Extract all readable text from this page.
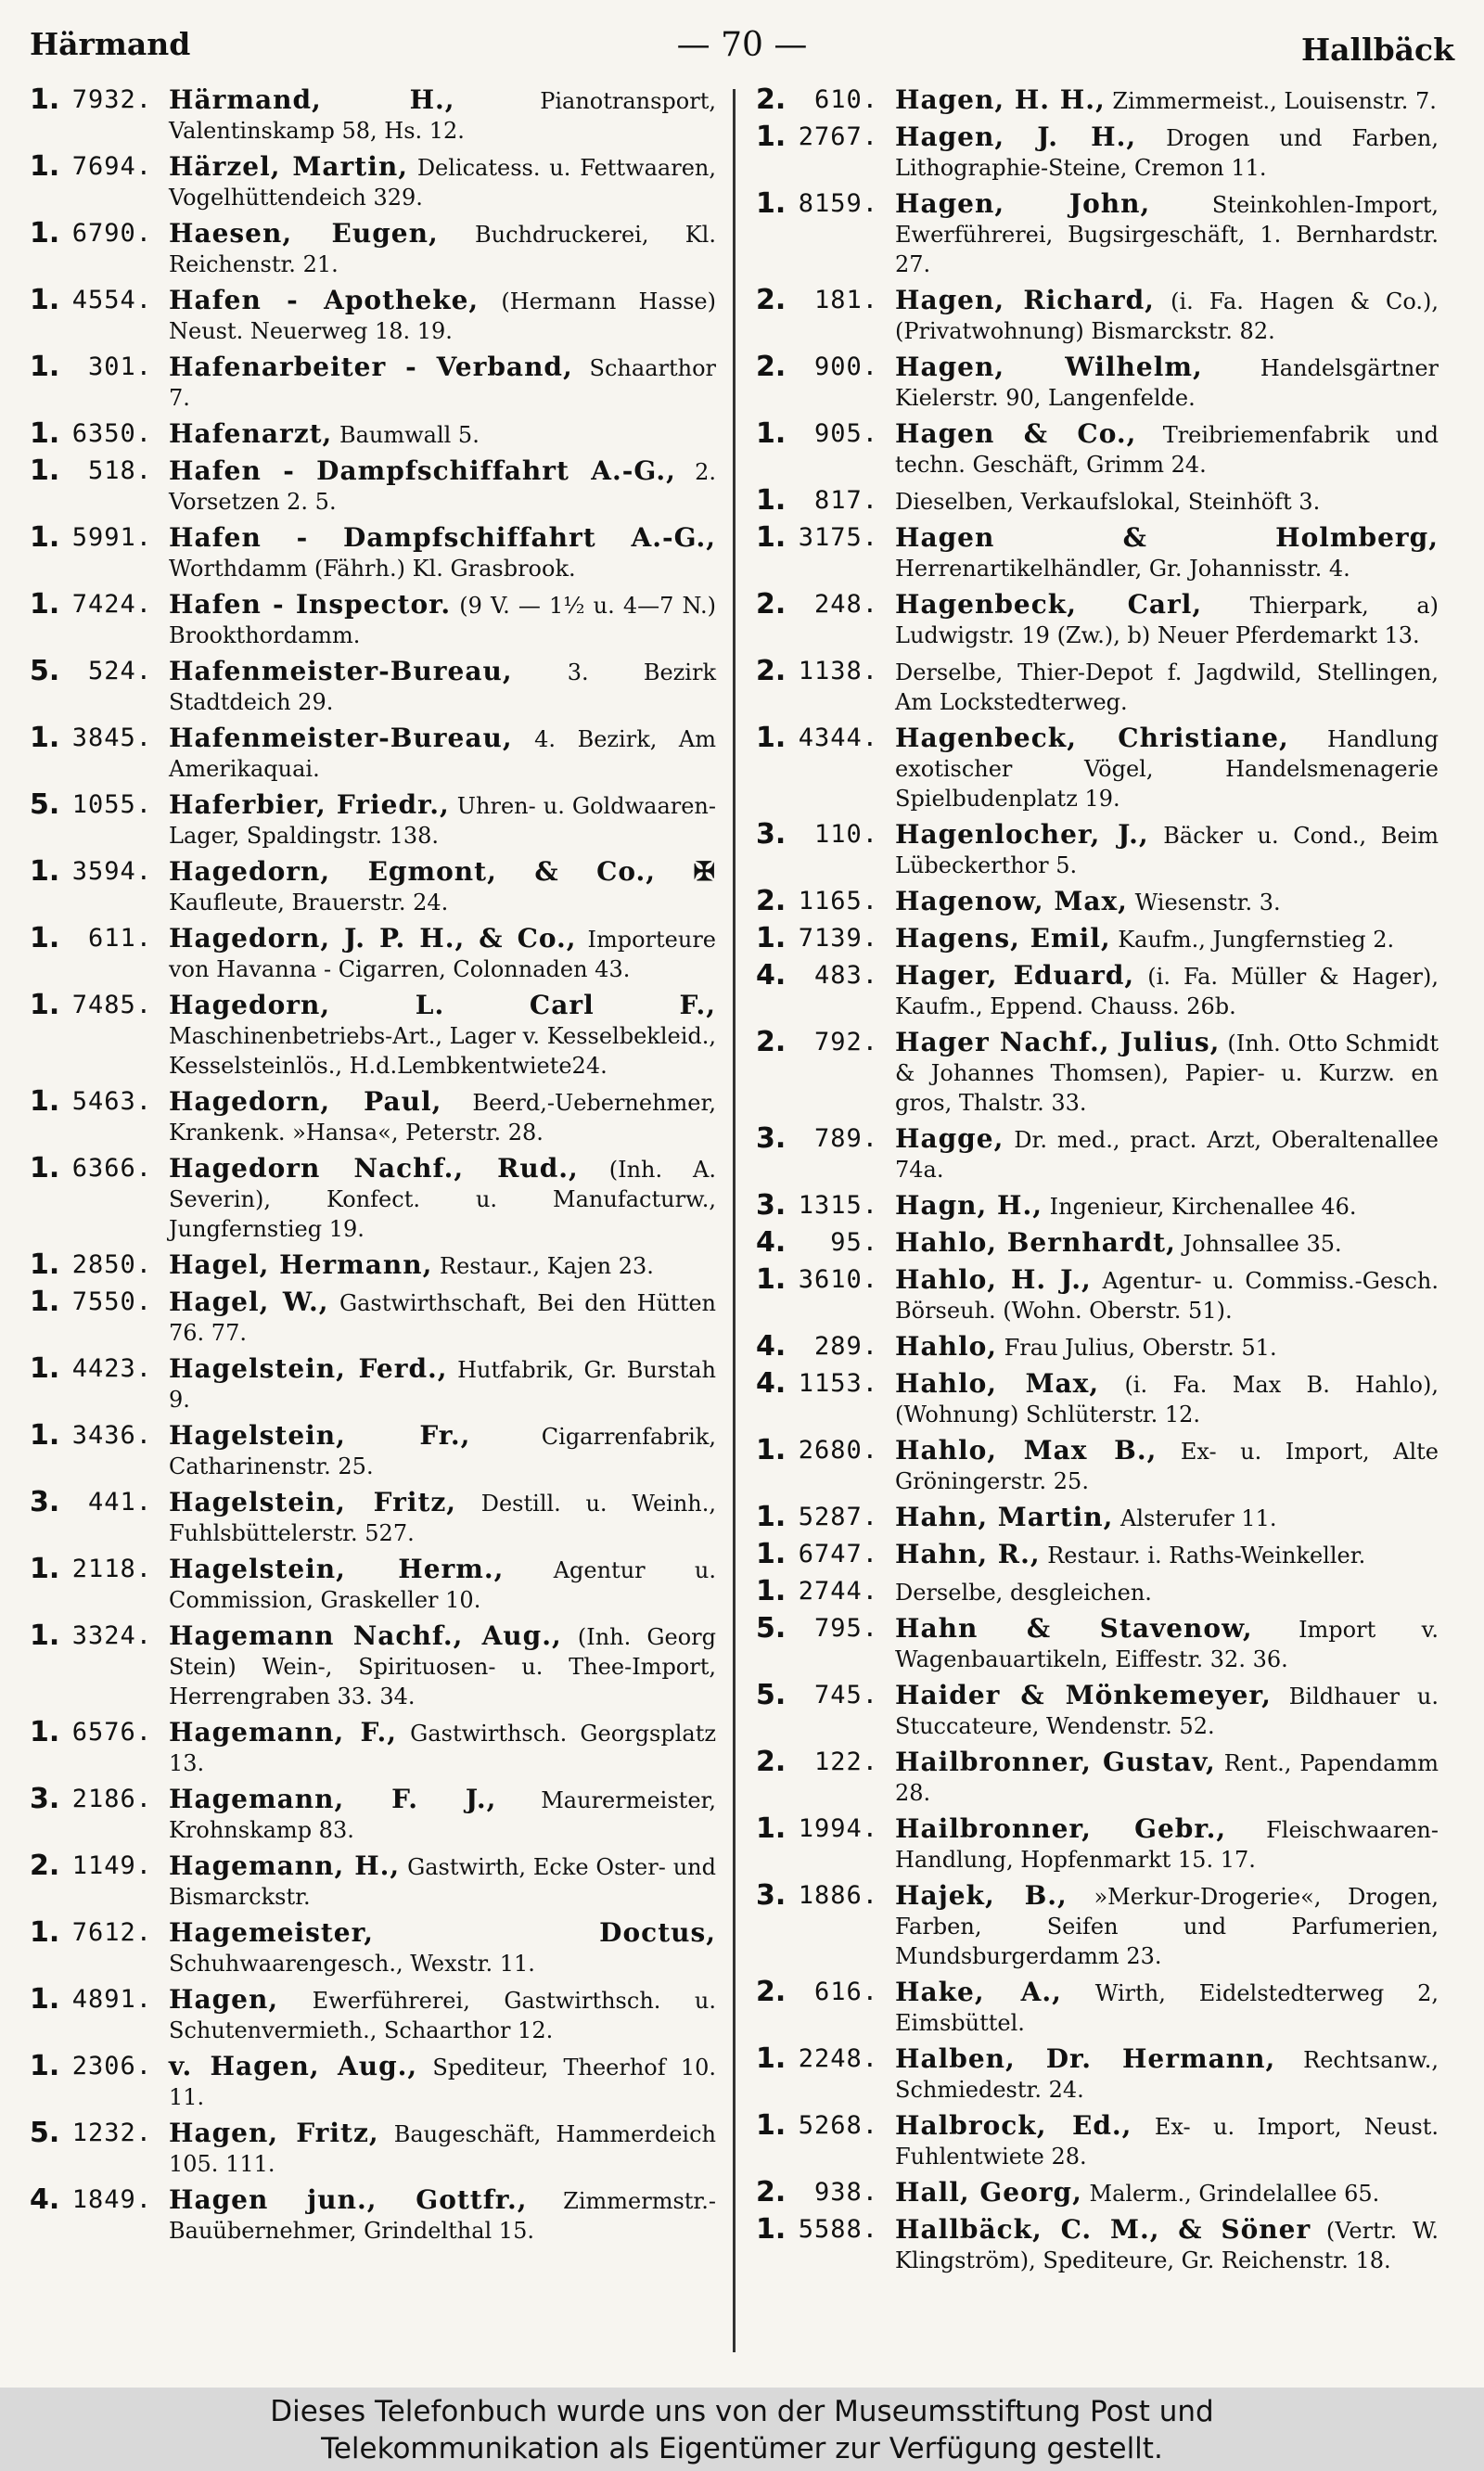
Härmand	— 70 —	Hallbäck
1. 7932. Härmand, H.,	Pianotransport, Valentinskamp 58, Hs. 12.
1. 7694. Härzel, Martin, Delicatess. u. Fettwaaren, Vogelhüttendeich 329.
1. 6790. Haesen, Eugen, Buchdruckerei, Kl. Reichenstr. 21.
1. 4554. Hafen - Apotheke, (Hermann Hasse) Neust. Neuerweg 18. 19.
1.	301. Hafenarbeiter - Verband, Schaarthor 7.
1. 6350. Hafenarzt, Baumwall 5.
1.	518. Hafen - Dampfschiffahrt A.-G., 2. Vorsetzen 2. 5.
1. 5991. Hafen - Dampfschiffahrt A.-G., Worthdamm (Fährh.) Kl. Grasbrook.
1. 7424. Hafen - Inspector. (9 V. — 1½ u. 4—7 N.) Brookthordamm.
5.	524. Hafenmeister-Bureau, 3. Bezirk Stadtdeich 29.
1. 3845. Hafenmeister-Bureau, 4. Bezirk, Am Amerikaquai.
5. 1055. Haferbier, Friedr., Uhren- u. Goldwaaren-Lager, Spaldingstr. 138.
1. 3594. Hagedorn, Egmont, & Co., ✠ Kaufleute, Brauerstr. 24.
1.	611. Hagedorn, J. P. H., & Co., Importeure von Havanna - Cigarren, Colonnaden 43.
1. 7485. Hagedorn, L. Carl F., Maschinenbetriebs-Art., Lager v. Kesselbekleid., Kesselsteinlös., H.d.Lembkentwiete24.
1. 5463. Hagedorn, Paul, Beerd,-Uebernehmer, Krankenk. »Hansa«, Peterstr. 28.
1. 6366. Hagedorn Nachf., Rud., (Inh. A. Severin), Konfect. u. Manufacturw., Jungfernstieg 19.
1. 2850. Hagel, Hermann, Restaur., Kajen 23.
1. 7550. Hagel, W., Gastwirthschaft, Bei den Hütten 76. 77.
1. 4423. Hagelstein, Ferd., Hutfabrik, Gr. Burstah 9.
1. 3436. Hagelstein, Fr.,	Cigarrenfabrik, Catharinenstr. 25.
3.	441. Hagelstein, Fritz, Destill. u. Weinh., Fuhlsbüttelerstr. 527.
1. 2118. Hagelstein, Herm., Agentur u. Commission, Graskeller 10.
1. 3324. Hagemann Nachf., Aug., (Inh. Georg Stein) Wein-, Spirituosen- u. Thee-Import, Herrengraben 33. 34.
1. 6576. Hagemann, F., Gastwirthsch. Georgsplatz 13.
3. 2186. Hagemann, F. J., Maurermeister, Krohnskamp 83.
2. 1149. Hagemann, H., Gastwirth, Ecke Oster- und Bismarckstr.
1. 7612. Hagemeister, Doctus, Schuhwaarengesch., Wexstr. 11.
1. 4891. Hagen, Ewerführerei, Gastwirthsch. u. Schutenvermieth., Schaarthor 12.
1. 2306. v. Hagen, Aug., Spediteur, Theerhof 10. 11.
5. 1232. Hagen, Fritz, Baugeschäft, Hammerdeich 105. 111.
4. 1849. Hagen jun., Gottfr., Zimmermstr.-Bauübernehmer, Grindelthal 15.
2.	610. Hagen, H. H., Zimmermeist., Louisenstr. 7.
1. 2767. Hagen, J. H., Drogen und Farben, Lithographie-Steine, Cremon 11.
1. 8159. Hagen, John,	Steinkohlen-Import, Ewerführerei, Bugsirgeschäft, 1. Bernhardstr. 27.
2.	181. Hagen, Richard, (i. Fa. Hagen & Co.), (Privatwohnung) Bismarckstr. 82.
2.	900. Hagen, Wilhelm,	Handelsgärtner Kielerstr. 90, Langenfelde.
1.	905. Hagen & Co., Treibriemenfabrik und techn. Geschäft, Grimm 24.
1.	817. Dieselben, Verkaufslokal, Steinhöft 3.
1. 3175. Hagen & Holmberg, Herrenartikelhändler, Gr. Johannisstr. 4.
2.	248. Hagenbeck, Carl, Thierpark, a) Ludwigstr. 19 (Zw.), b) Neuer Pferdemarkt 13.
2. 1138. Derselbe, Thier-Depot f. Jagdwild, Stellingen, Am Lockstedterweg.
1. 4344. Hagenbeck, Christiane, Handlung exotischer Vögel, Handelsmenagerie Spielbudenplatz 19.
3.	110. Hagenlocher, J., Bäcker u. Cond., Beim Lübeckerthor 5.
2. 1165. Hagenow, Max, Wiesenstr. 3.
1. 7139. Hagens, Emil, Kaufm., Jungfernstieg 2.
4.	483. Hager, Eduard, (i. Fa. Müller & Hager), Kaufm., Eppend. Chauss. 26b.
2.	792. Hager Nachf., Julius, (Inh. Otto Schmidt & Johannes Thomsen), Papier- u. Kurzw. en gros, Thalstr. 33.
3.	789. Hagge, Dr. med., pract. Arzt, Oberaltenallee 74a.
3. 1315. Hagn, H., Ingenieur, Kirchenallee 46.
4.	95. Hahlo, Bernhardt, Johnsallee 35.
1. 3610. Hahlo, H. J., Agentur- u. Commiss.-Gesch. Börseuh. (Wohn. Oberstr. 51).
4.	289. Hahlo, Frau Julius, Oberstr. 51.
4. 1153. Hahlo, Max, (i. Fa. Max B. Hahlo), (Wohnung) Schlüterstr. 12.
1. 2680. Hahlo, Max B., Ex- u. Import, Alte Gröningerstr. 25.
1. 5287. Hahn, Martin, Alsterufer 11.
1. 6747. Hahn, R., Restaur. i. Raths-Weinkeller.
1. 2744. Derselbe, desgleichen.
5.	795. Hahn & Stavenow, Import v. Wagenbauartikeln, Eiffestr. 32. 36.
5.	745. Haider & Mönkemeyer, Bildhauer u. Stuccateure, Wendenstr. 52.
2.	122. Hailbronner, Gustav, Rent., Papendamm 28.
1. 1994. Hailbronner, Gebr., Fleischwaaren-Handlung, Hopfenmarkt 15. 17.
3. 1886. Hajek, B., »Merkur-Drogerie«, Drogen, Farben, Seifen und Parfumerien, Mundsburgerdamm 23.
2.	616. Hake, A., Wirth, Eidelstedterweg 2, Eimsbüttel.
1. 2248. Halben, Dr. Hermann, Rechtsanw., Schmiedestr. 24.
1. 5268. Halbrock, Ed., Ex- u. Import, Neust. Fuhlentwiete 28.
2.	938. Hall, Georg, Malerm., Grindelallee 65.
1. 5588. Hallbäck, C. M., & Söner (Vertr. W. Klingström), Spediteure, Gr. Reichenstr. 18.
Dieses Telefonbuch wurde uns von der Museumsstiftung Post und
Telekommunikation als Eigentümer zur Verfügung gestellt.
